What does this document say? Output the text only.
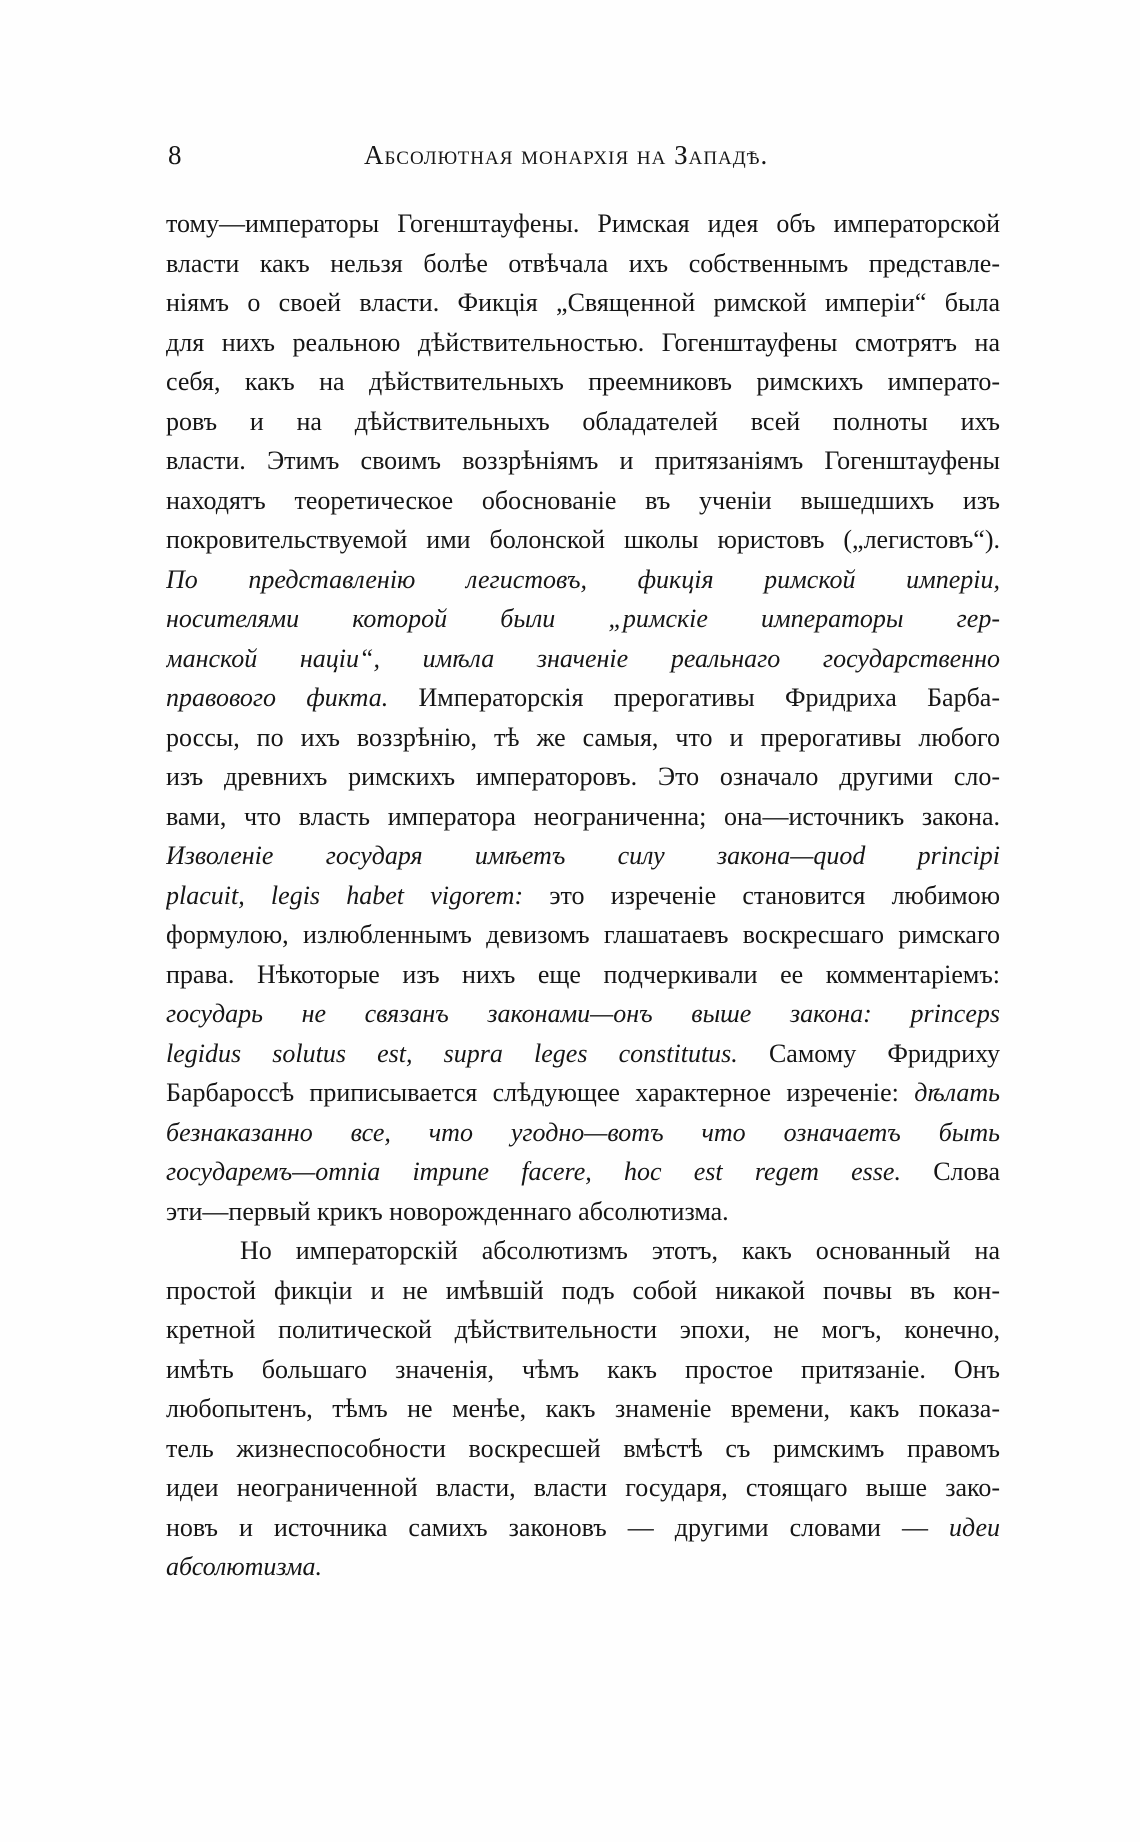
8	Абсолютная монархія на Западѣ.
тому—императоры Гогенштауфены. Римская идея объ императорской
власти какъ нельзя болѣе отвѣчала ихъ собственнымъ представле-
ніямъ о своей власти. Фикція „Священной римской имперіи“ была
для нихъ реальною дѣйствительностью. Гогенштауфены смотрятъ на
себя, какъ на дѣйствительныхъ преемниковъ римскихъ императо-
ровъ и на дѣйствительныхъ обладателей всей полноты ихъ
власти. Этимъ своимъ воззрѣніямъ и притязаніямъ Гогенштауфены
находятъ теоретическое обоснованіе въ ученіи вышедшихъ изъ
покровительствуемой ими болонской школы юристовъ („легистовъ“).
По представленію легистовъ, фикція римской имперіи,
носителями которой были „римскіе императоры гер-
манской націи“, имѣла значеніе реальнаго государственно
правового фикта. Императорскія прерогативы Фридриха Барба-
россы, по ихъ воззрѣнію, тѣ же самыя, что и прерогативы любого
изъ древнихъ римскихъ императоровъ. Это означало другими сло-
вами, что власть императора неограниченна; она—источникъ закона.
Изволеніе государя имѣетъ силу закона—quod principi
placuit, legis habet vigorem: это изреченіе становится любимою
формулою, излюбленнымъ девизомъ глашатаевъ воскресшаго римскаго
права. Нѣкоторые изъ нихъ еще подчеркивали ее комментаріемъ:
государь не связанъ законами—онъ выше закона: princeps
legidus solutus est, supra leges constitutus. Самому Фридриху
Барбароссѣ приписывается слѣдующее характерное изреченіе: дѣлать
безнаказанно все, что угодно—вотъ что означаетъ быть
государемъ—omnia impune facere, hoc est regem esse. Слова
эти—первый крикъ новорожденнаго абсолютизма.
Но императорскій абсолютизмъ этотъ, какъ основанный на
простой фикціи и не имѣвшій подъ собой никакой почвы въ кон-
кретной политической дѣйствительности эпохи, не могъ, конечно,
имѣть большаго значенія, чѣмъ какъ простое притязаніе. Онъ
любопытенъ, тѣмъ не менѣе, какъ знаменіе времени, какъ показа-
тель жизнеспособности воскресшей вмѣстѣ съ римскимъ правомъ
идеи неограниченной власти, власти государя, стоящаго выше зако-
новъ и источника самихъ законовъ — другими словами — идеи
абсолютизма.
